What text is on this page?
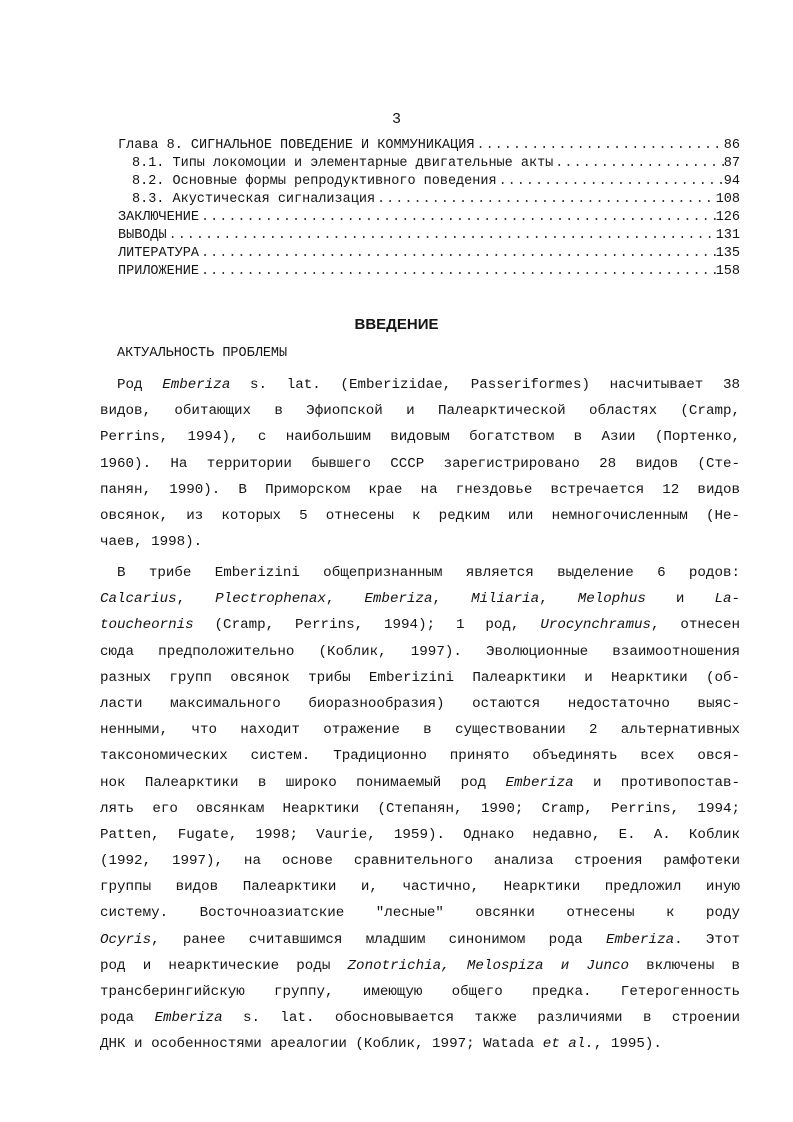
3
Глава 8. СИГНАЛЬНОЕ ПОВЕДЕНИЕ И КОММУНИКАЦИЯ .....	86
8.1. Типы локомоции и элементарные двигательные акты .....	87
8.2. Основные формы репродуктивного поведения .....	94
8.3. Акустическая сигнализация .....	108
ЗАКЛЮЧЕНИЕ .....	126
ВЫВОДЫ .....	131
ЛИТЕРАТУРА .....	135
ПРИЛОЖЕНИЕ .....	158
ВВЕДЕНИЕ
АКТУАЛЬНОСТЬ ПРОБЛЕМЫ
Род Emberiza s. lat. (Emberizidae, Passeriformes) насчитывает 38
видов, обитающих в Эфиопской и Палеарктической областях (Cramp,
Perrins, 1994), с наибольшим видовым богатством в Азии (Портенко,
1960). На территории бывшего СССР зарегистрировано 28 видов (Сте-
панян, 1990). В Приморском крае на гнездовье встречается 12 видов
овсянок, из которых 5 отнесены к редким или немногочисленным (Не-
чаев, 1998).
В трибе Emberizini общепризнанным является выделение 6 родов:
Calcarius, Plectrophenax, Emberiza, Miliaria, Melophus и La-
toucheornis (Cramp, Perrins, 1994); 1 род, Urocynchramus, отнесен
сюда предположительно (Коблик, 1997). Эволюционные взаимоотношения
разных групп овсянок трибы Emberizini Палеарктики и Неарктики (об-
ласти максимального биоразнообразия) остаются недостаточно выяс-
ненными, что находит отражение в существовании 2 альтернативных
таксономических систем. Традиционно принято объединять всех овся-
нок Палеарктики в широко понимаемый род Emberiza и противопостав-
лять его овсянкам Неарктики (Степанян, 1990; Cramp, Perrins, 1994;
Patten, Fugate, 1998; Vaurie, 1959). Однако недавно, Е. А. Коблик
(1992, 1997), на основе сравнительного анализа строения рамфотеки
группы видов Палеарктики и, частично, Неарктики предложил иную
систему. Восточноазиатские "лесные" овсянки отнесены к роду
Ocyris, ранее считавшимся младшим синонимом рода Emberiza. Этот
род и неарктические роды Zonotrichia, Melospiza и Junco включены в
трансберингийскую группу, имеющую общего предка. Гетерогенность
рода Emberiza s. lat. обосновывается также различиями в строении
ДНК и особенностями ареалогии (Коблик, 1997; Watada et al., 1995).
